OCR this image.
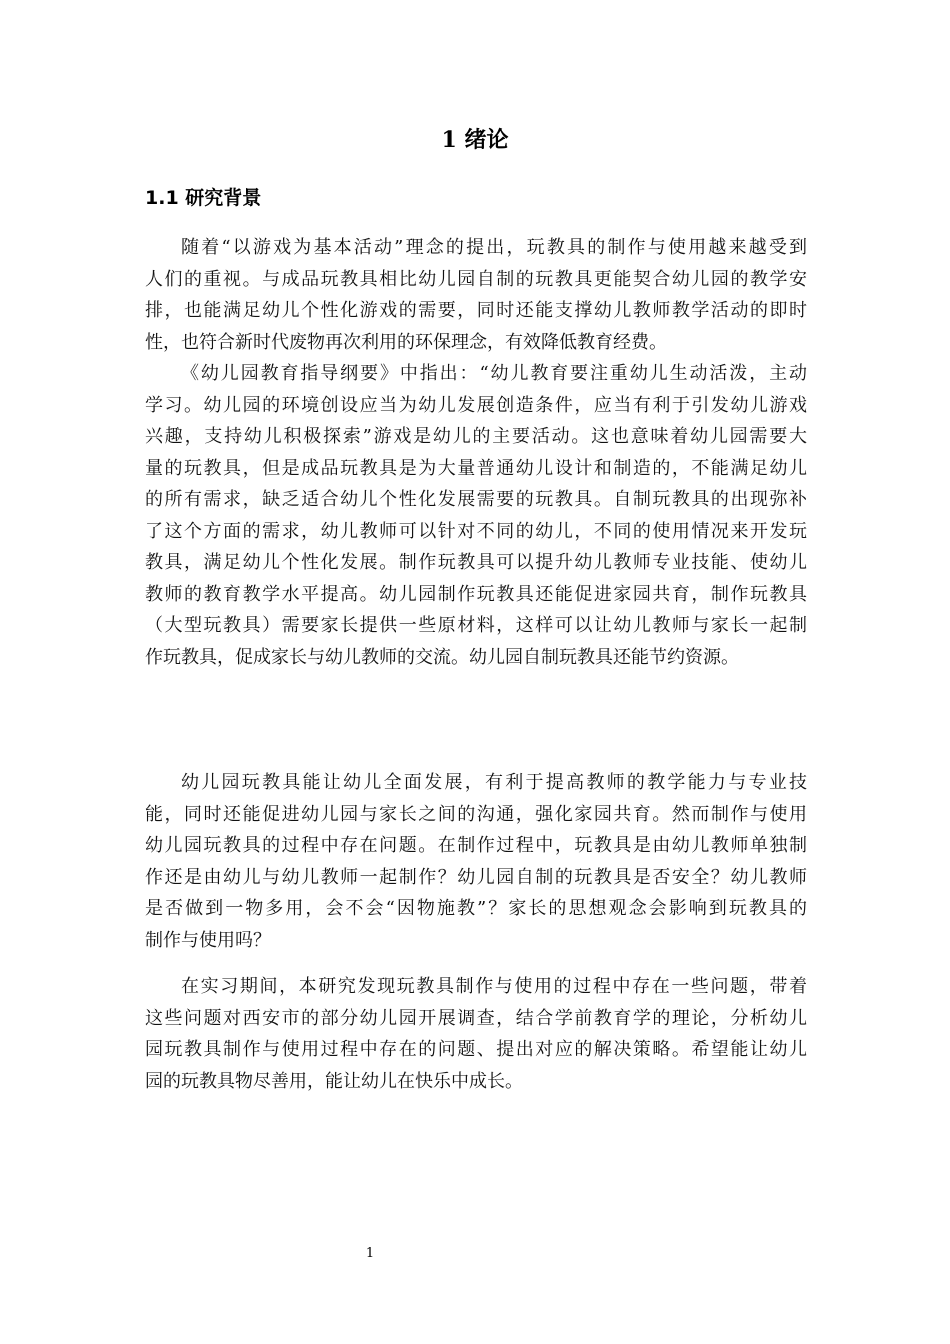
1 绪论
1.1 研究背景
随着“以游戏为基本活动”理念的提出，玩教具的制作与使用越来越受到
人们的重视。与成品玩教具相比幼儿园自制的玩教具更能契合幼儿园的教学安
排，也能满足幼儿个性化游戏的需要，同时还能支撑幼儿教师教学活动的即时
性，也符合新时代废物再次利用的环保理念，有效降低教育经费。
《幼儿园教育指导纲要》中指出：“幼儿教育要注重幼儿生动活泼，主动
学习。幼儿园的环境创设应当为幼儿发展创造条件，应当有利于引发幼儿游戏
兴趣，支持幼儿积极探索”游戏是幼儿的主要活动。这也意味着幼儿园需要大
量的玩教具，但是成品玩教具是为大量普通幼儿设计和制造的，不能满足幼儿
的所有需求，缺乏适合幼儿个性化发展需要的玩教具。自制玩教具的出现弥补
了这个方面的需求，幼儿教师可以针对不同的幼儿，不同的使用情况来开发玩
教具，满足幼儿个性化发展。制作玩教具可以提升幼儿教师专业技能、使幼儿
教师的教育教学水平提高。幼儿园制作玩教具还能促进家园共育，制作玩教具
（大型玩教具）需要家长提供一些原材料，这样可以让幼儿教师与家长一起制
作玩教具，促成家长与幼儿教师的交流。幼儿园自制玩教具还能节约资源。
幼儿园玩教具能让幼儿全面发展，有利于提高教师的教学能力与专业技
能，同时还能促进幼儿园与家长之间的沟通，强化家园共育。然而制作与使用
幼儿园玩教具的过程中存在问题。在制作过程中，玩教具是由幼儿教师单独制
作还是由幼儿与幼儿教师一起制作？幼儿园自制的玩教具是否安全？幼儿教师
是否做到一物多用，会不会“因物施教”？家长的思想观念会影响到玩教具的
制作与使用吗？
在实习期间，本研究发现玩教具制作与使用的过程中存在一些问题，带着
这些问题对西安市的部分幼儿园开展调查，结合学前教育学的理论，分析幼儿
园玩教具制作与使用过程中存在的问题、提出对应的解决策略。希望能让幼儿
园的玩教具物尽善用，能让幼儿在快乐中成长。
1
